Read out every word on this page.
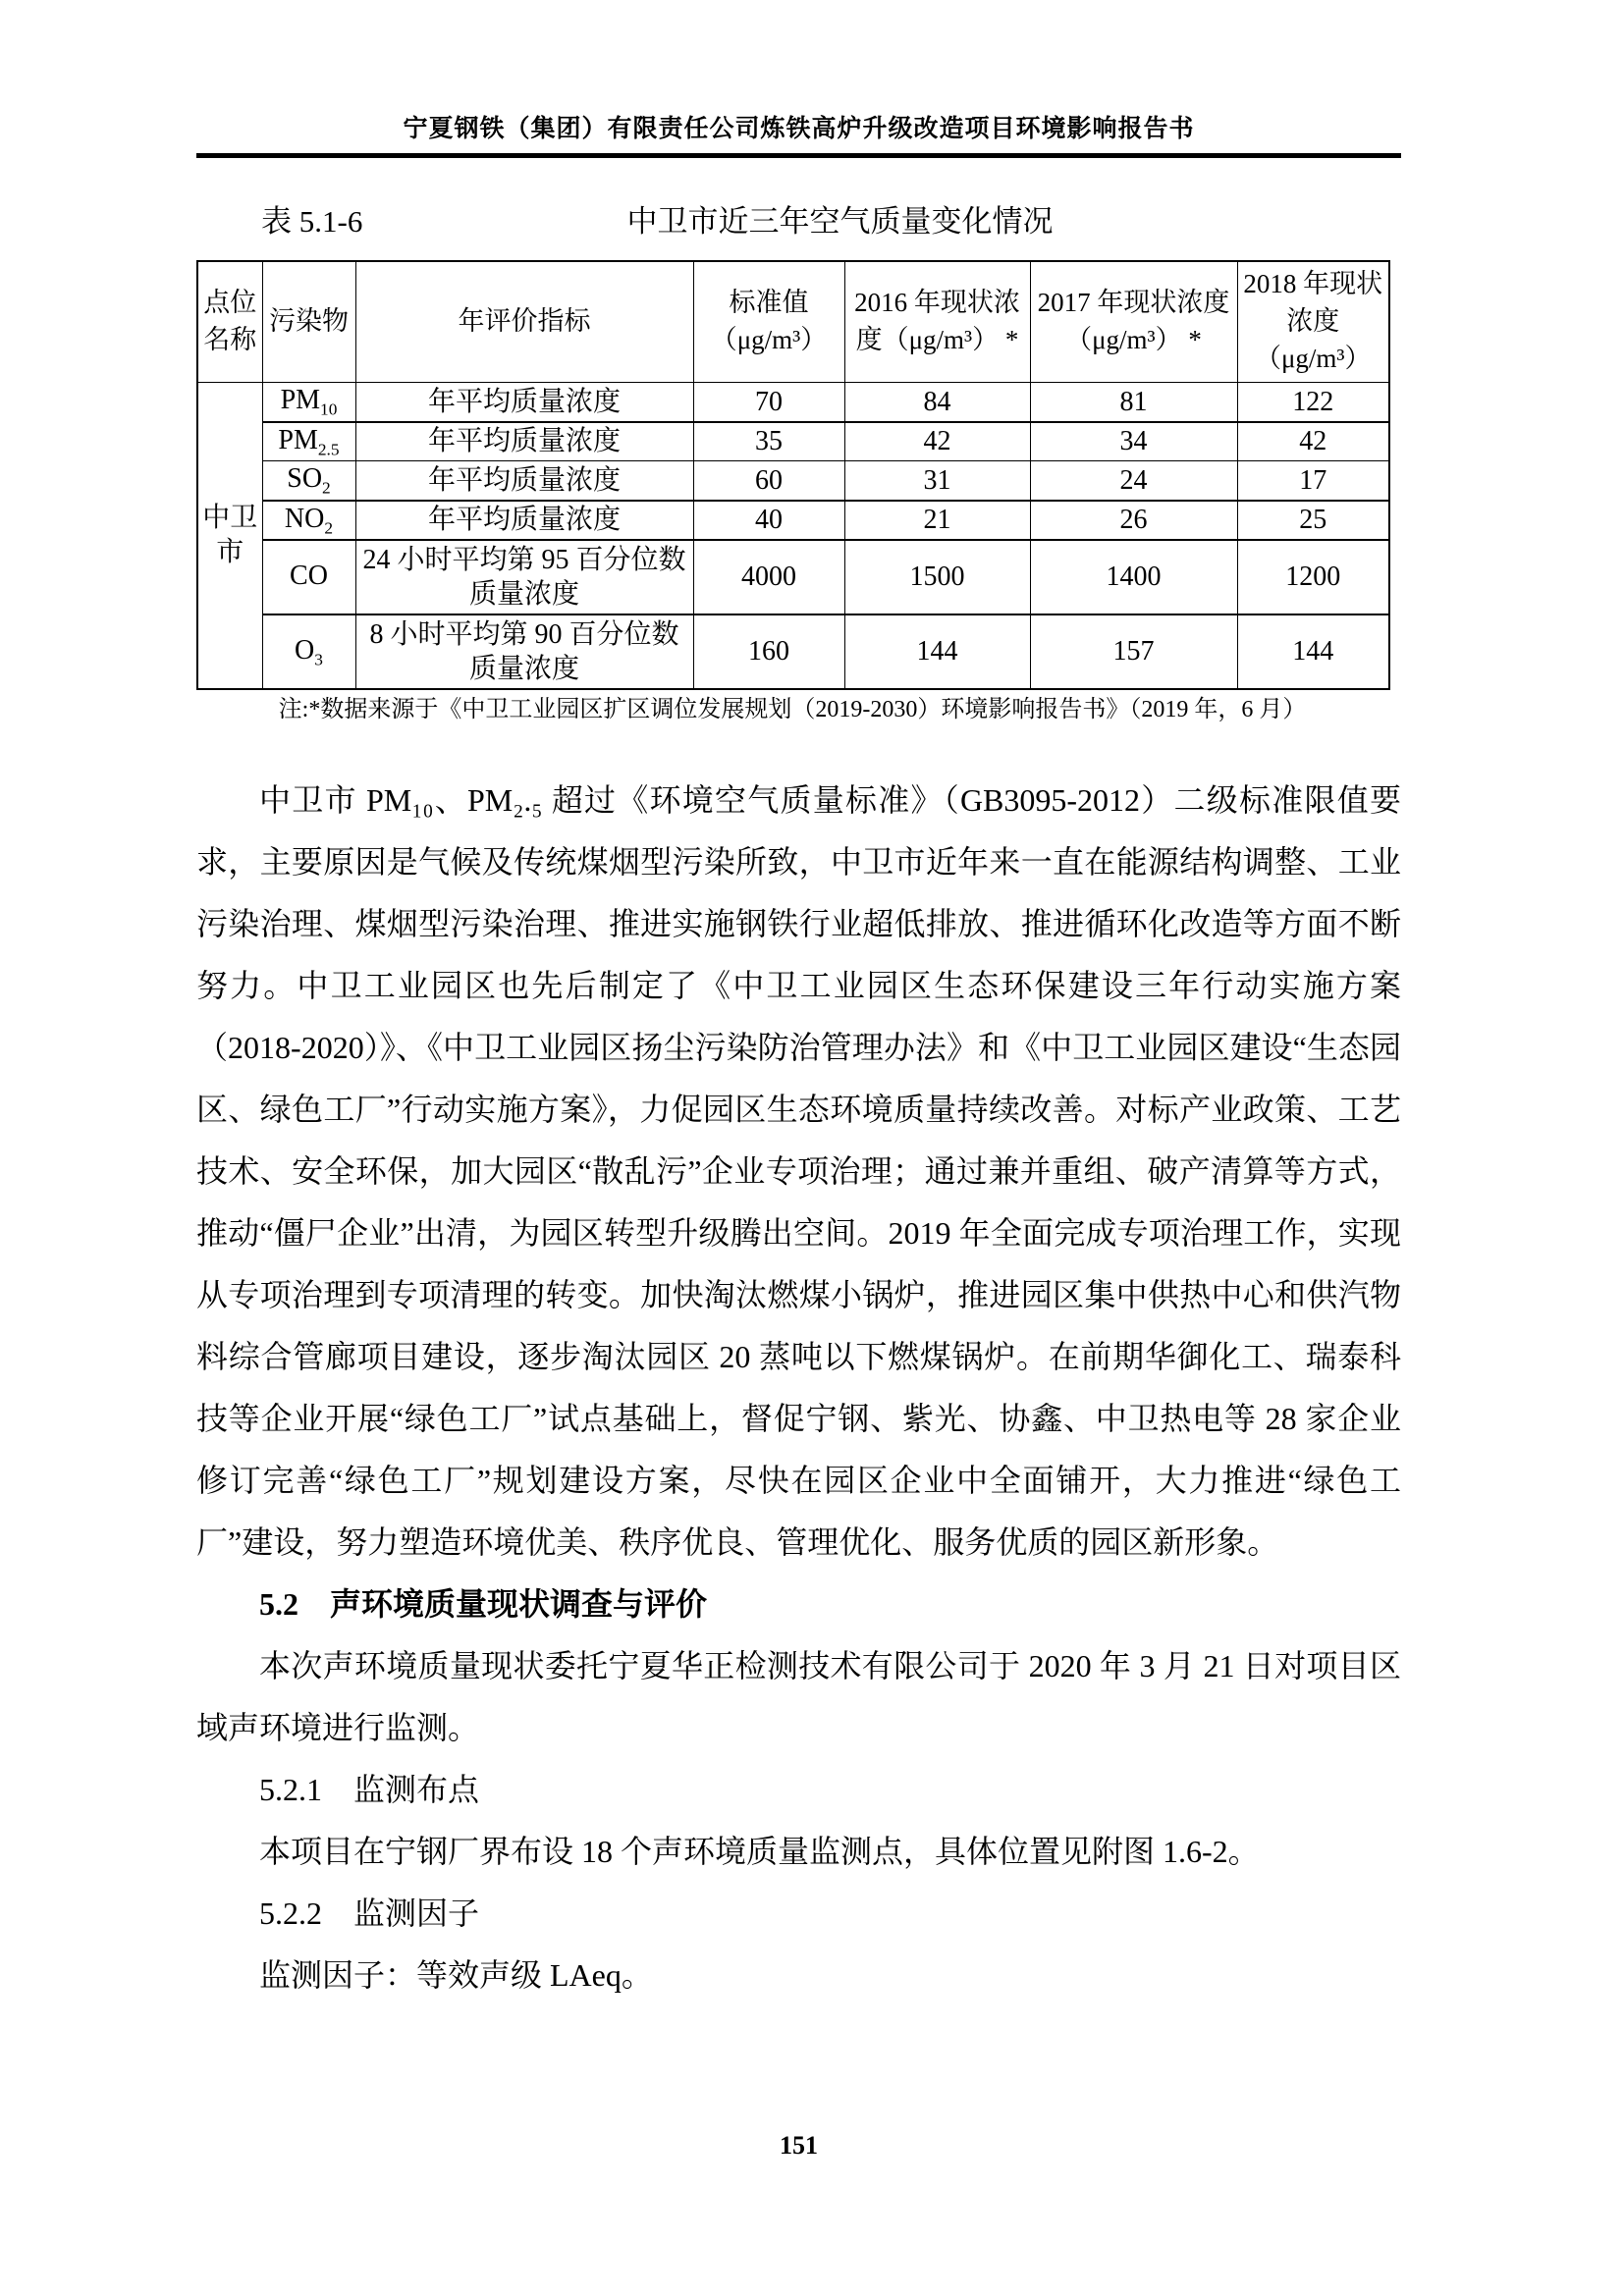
宁夏钢铁（集团）有限责任公司炼铁高炉升级改造项目环境影响报告书
表 5.1-6	中卫市近三年空气质量变化情况
点位名称	污染物	年评价指标	标准值（μg/m³）	2016 年现状浓度（μg/m³） *	2017 年现状浓度（μg/m³） *	2018 年现状浓度（μg/m³）
中卫市	$PM_{10}$	年平均质量浓度	70	84	81	122
	$PM_{2.5}$	年平均质量浓度	35	42	34	42
	$SO_2$	年平均质量浓度	60	31	24	17
	$NO_2$	年平均质量浓度	40	21	26	25
	CO	24 小时平均第 95 百分位数质量浓度	4000	1500	1400	1200
	$O_3$	8 小时平均第 90 百分位数质量浓度	160	144	157	144
注:*数据来源于《中卫工业园区扩区调位发展规划（2019-2030）环境影响报告书》（2019 年，6 月）

中卫市 PM₁₀、PM₂.₅ 超过《环境空气质量标准》（GB3095-2012）二级标准限值要求，主要原因是气候及传统煤烟型污染所致，中卫市近年来一直在能源结构调整、工业污染治理、煤烟型污染治理、推进实施钢铁行业超低排放、推进循环化改造等方面不断努力。中卫工业园区也先后制定了《中卫工业园区生态环保建设三年行动实施方案（2018-2020）》、《中卫工业园区扬尘污染防治管理办法》和《中卫工业园区建设“生态园区、绿色工厂”行动实施方案》，力促园区生态环境质量持续改善。对标产业政策、工艺技术、安全环保，加大园区“散乱污”企业专项治理；通过兼并重组、破产清算等方式，推动“僵尸企业”出清，为园区转型升级腾出空间。2019 年全面完成专项治理工作，实现从专项治理到专项清理的转变。加快淘汰燃煤小锅炉，推进园区集中供热中心和供汽物料综合管廊项目建设，逐步淘汰园区 20 蒸吨以下燃煤锅炉。在前期华御化工、瑞泰科技等企业开展“绿色工厂”试点基础上，督促宁钢、紫光、协鑫、中卫热电等 28 家企业修订完善“绿色工厂”规划建设方案，尽快在园区企业中全面铺开，大力推进“绿色工厂”建设，努力塑造环境优美、秩序优良、管理优化、服务优质的园区新形象。

5.2　声环境质量现状调查与评价

本次声环境质量现状委托宁夏华正检测技术有限公司于 2020 年 3 月 21 日对项目区域声环境进行监测。

5.2.1　监测布点

本项目在宁钢厂界布设 18 个声环境质量监测点，具体位置见附图 1.6-2。

5.2.2　监测因子

监测因子：等效声级 LAeq。

151
